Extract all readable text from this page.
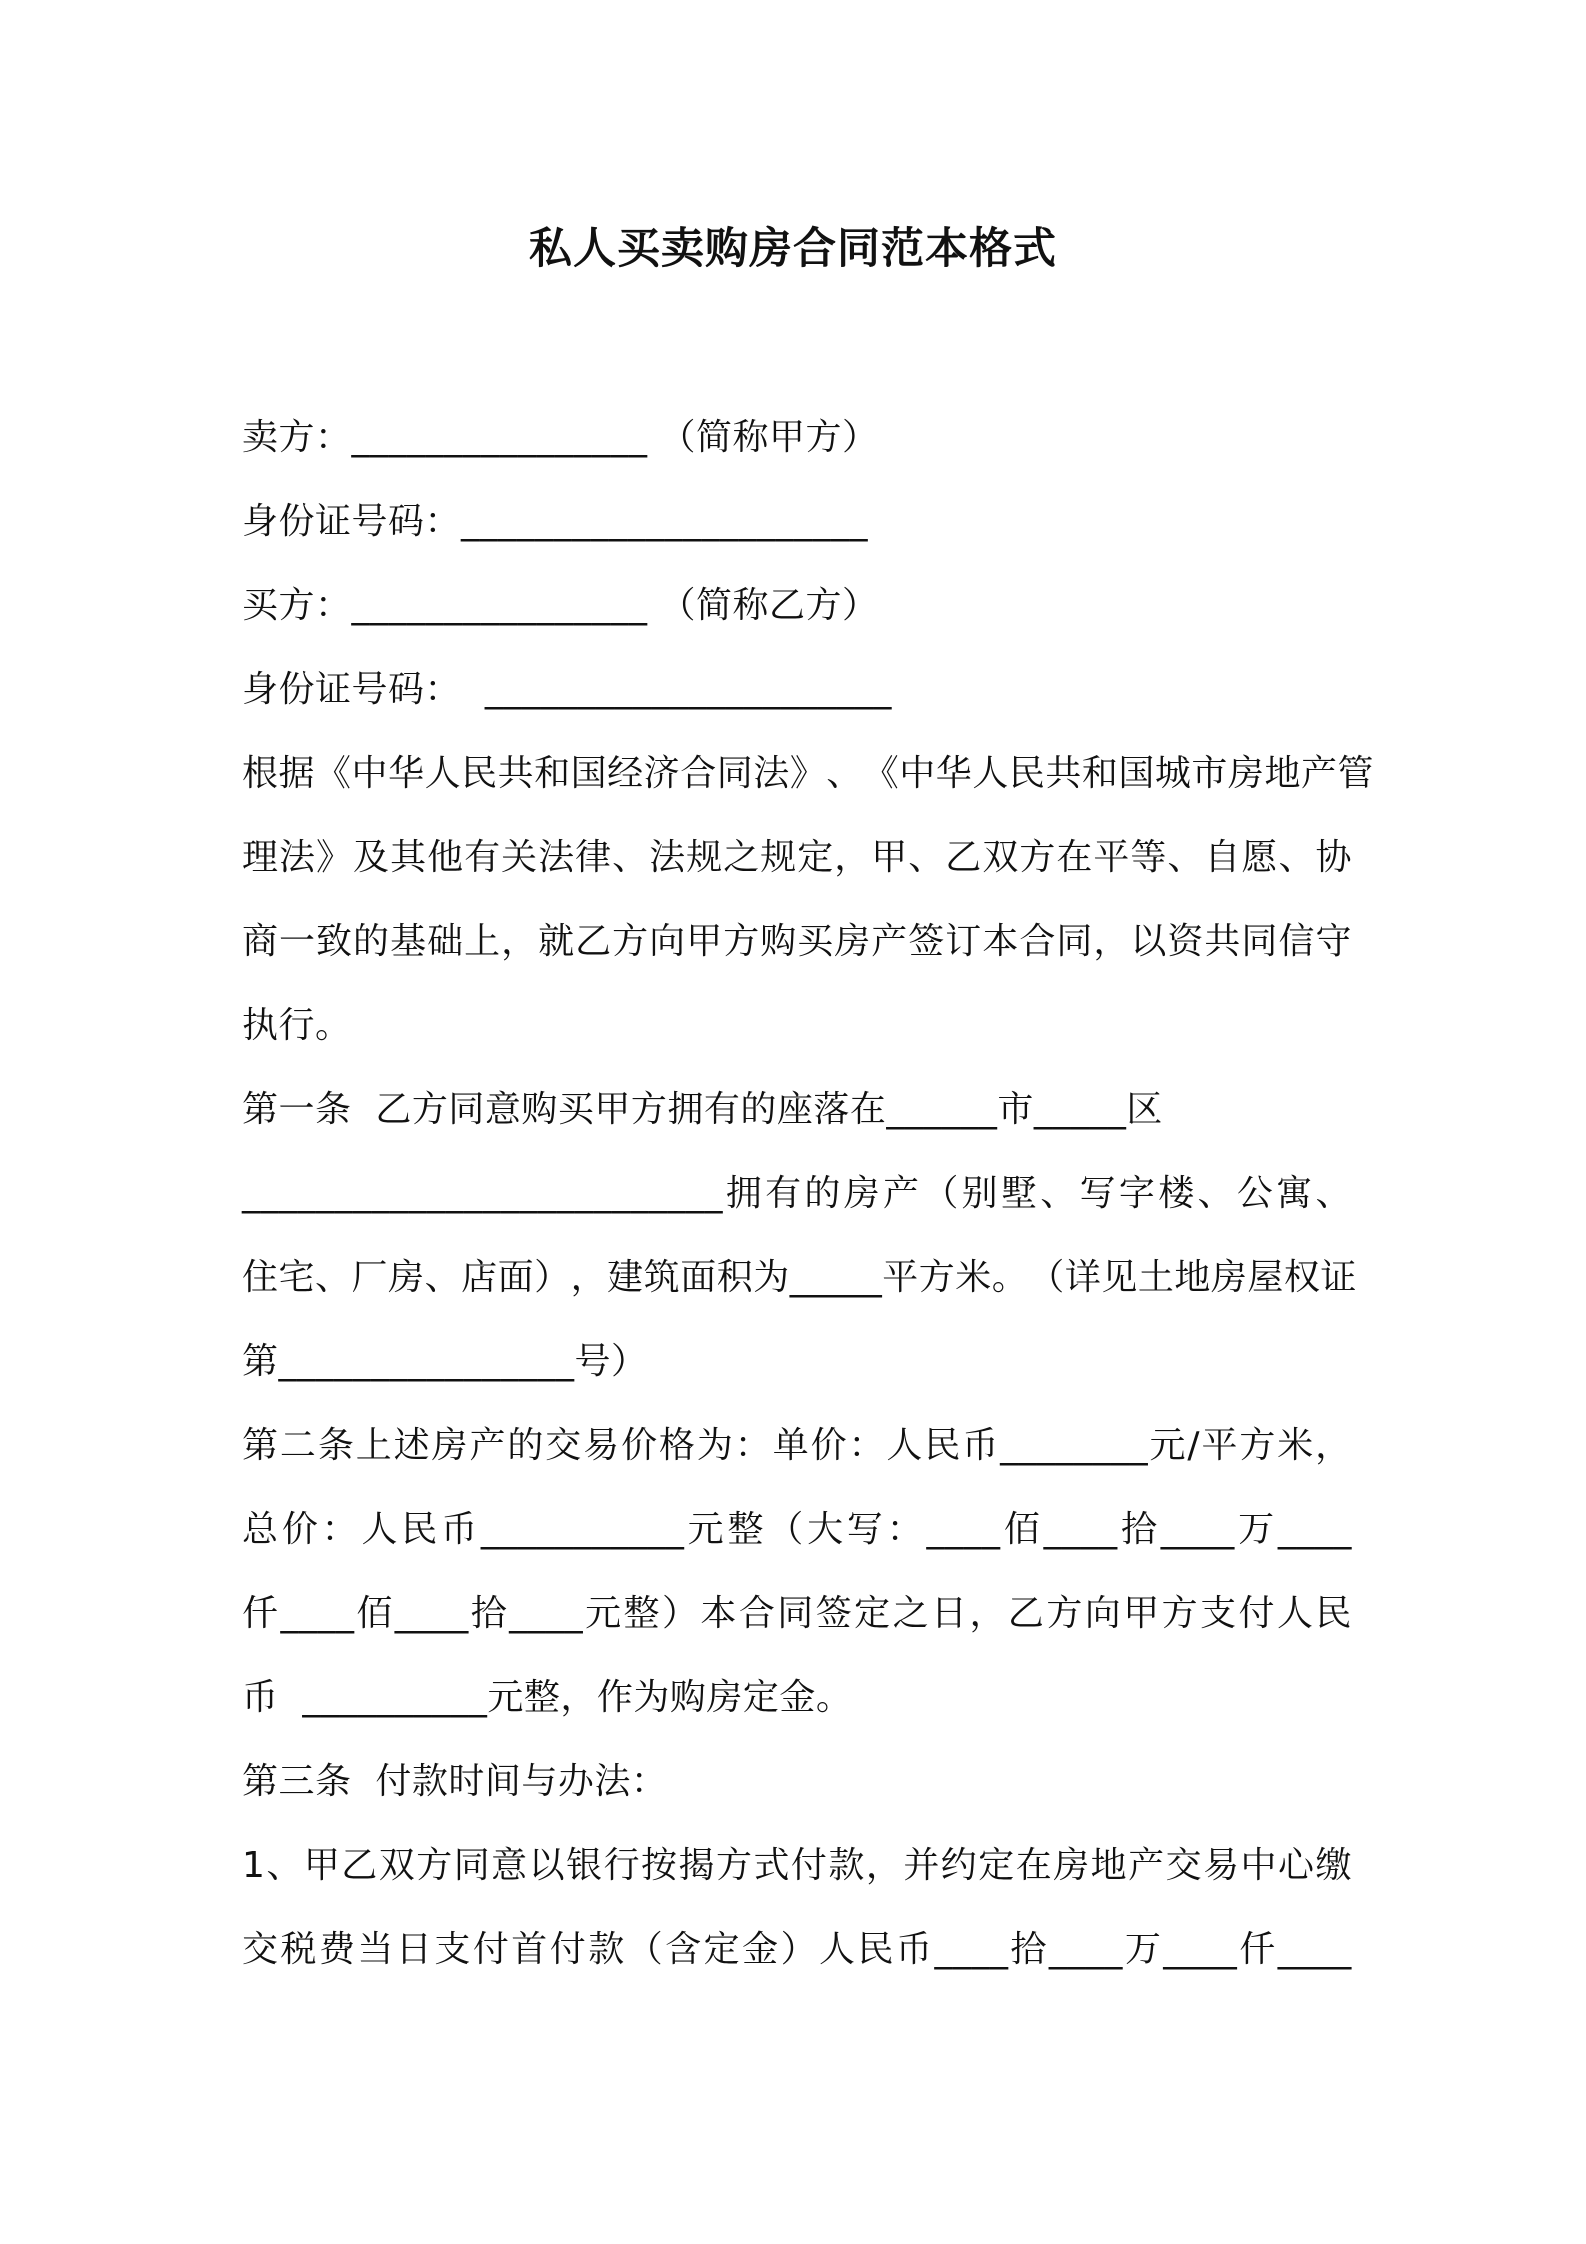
私人买卖购房合同范本格式
卖方：________________ （简称甲方）
身份证号码：______________________
买方：________________ （简称乙方）
身份证号码：  ______________________
根 据 《 中 华 人 民 共 和 国 经 济 合 同 法 》 、 《 中 华 人 民 共 和 国 城 市 房 地 产 管
理 法 》 及 其 他 有 关 法 律 、 法 规 之 规 定 ， 甲 、 乙 双 方 在 平 等 、 自 愿 、 协
商 一 致 的 基 础 上 ， 就 乙 方 向 甲 方 购 买 房 产 签 订 本 合 同 ， 以 资 共 同 信 守
执行。
第一条  乙方同意购买甲方拥有的座落在______市_____区
__________________________ 拥 有 的 房 产 （ 别 墅 、 写 字 楼 、 公 寓 、
住 宅 、 厂 房 、 店 面 ） ， 建 筑 面 积 为 _____ 平 方 米 。 （ 详 见 土 地 房 屋 权 证
第________________号）
第 二 条 上 述 房 产 的 交 易 价 格 为 ： 单 价 ： 人 民 币 ________ 元 / 平 方 米 ，
总 价 ： 人 民 币 ___________ 元 整 （ 大 写 ： ____ 佰 ____ 拾 ____ 万 ____
仟 ____ 佰 ____ 拾 ____ 元 整 ） 本 合 同 签 定 之 日 ， 乙 方 向 甲 方 支 付 人 民
币  __________元整，作为购房定金。
第三条  付款时间与办法：
1 、 甲 乙 双 方 同 意 以 银 行 按 揭 方 式 付 款 ， 并 约 定 在 房 地 产 交 易 中 心 缴
交 税 费 当 日 支 付 首 付 款 （ 含 定 金 ） 人 民 币 ____ 拾 ____ 万 ____ 仟 ____
